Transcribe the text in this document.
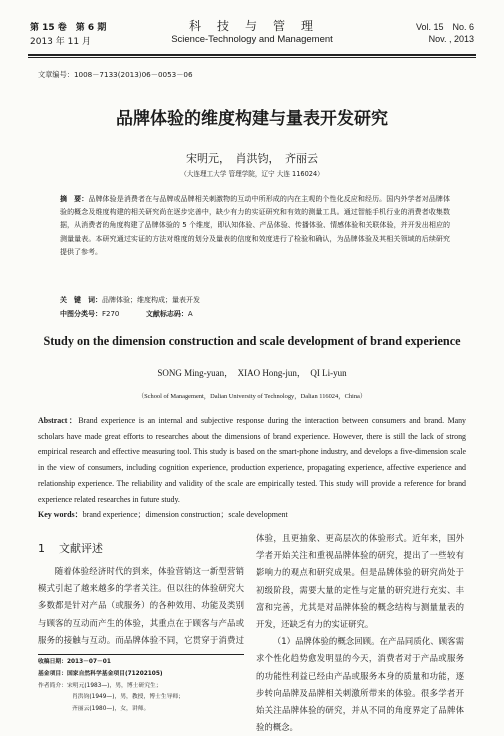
第 15 卷　第 6 期
2013 年 11 月
科　技　与　管　理
Science-Technology and Management
Vol. 15　No. 6
Nov. , 2013
文章编号：1008－7133(2013)06－0053－06
品牌体验的维度构建与量表开发研究
宋明元，　肖洪钧，　齐丽云
（大连理工大学 管理学院，辽宁 大连 116024）
摘　要：品牌体验是消费者在与品牌或品牌相关刺激物的互动中所形成的内在主观的个性化反应和经历。国内外学者对品牌体验的概念及维度构建的相关研究尚在逐步完善中，缺少有力的实证研究和有效的测量工具。通过智能手机行业的消费者收集数据，从消费者的角度构建了品牌体验的 5 个维度，即认知体验、产品体验、传播体验、情感体验和关联体验，并开发出相应的测量量表。本研究通过实证的方法对维度的划分及量表的信度和效度进行了检验和确认，为品牌体验及其相关领域的后续研究提供了参考。
关　键　词：品牌体验；维度构成；量表开发
中图分类号：F270	文献标志码：A
Study on the dimension construction and scale development of brand experience
SONG Ming-yuan，　XIAO Hong-jun，　QI Li-yun
（School of Management，Dalian University of Technology，Dalian 116024，China）
Abstract：Brand experience is an internal and subjective response during the interaction between consumers and brand. Many scholars have made great efforts to researches about the dimensions of brand experience. However, there is still the lack of strong empirical research and effective measuring tool. This study is based on the smart-phone industry, and develops a five-dimension scale in the view of consumers, including cognition experience, production experience, propagating experience, affective experience and relationship experience. The reliability and validity of the scale are empirically tested. This study will provide a reference for brand experience related researches in future study.
Key words：brand experience；dimension construction；scale development
1 文献评述
随着体验经济时代的到来，体验营销这一新型营销模式引起了越来越多的学者关注。但以往的体验研究大多数都是针对产品（或服务）的各种效用、功能及类别与顾客的互动而产生的体验，其重点在于顾客与产品或服务的接触与互动。而品牌体验不同，它贯穿于消费过
收稿日期：2013－07－01
基金项目：国家自然科学基金项目(71202105)
作者简介：宋明元(1983—)，男，博士研究生；
肖洪钧(1949—)，男，教授，博士生导师；
齐丽云(1980—)，女，讲师。
体验，且更抽象、更高层次的体验形式。近年来，国外学者开始关注和重视品牌体验的研究，提出了一些较有影响力的观点和研究成果。但是品牌体验的研究尚处于初级阶段，需要大量的定性与定量的研究进行充实、丰富和完善，尤其是对品牌体验的概念结构与测量量表的开发，还缺乏有力的实证研究。
（1）品牌体验的概念回顾。在产品同质化、顾客需求个性化趋势愈发明显的今天，消费者对于产品或服务的功能性利益已经由产品或服务本身的质量和功能，逐步转向品牌及品牌相关刺激所带来的体验。很多学者开始关注品牌体验的研究，并从不同的角度界定了品牌体验的概念。
